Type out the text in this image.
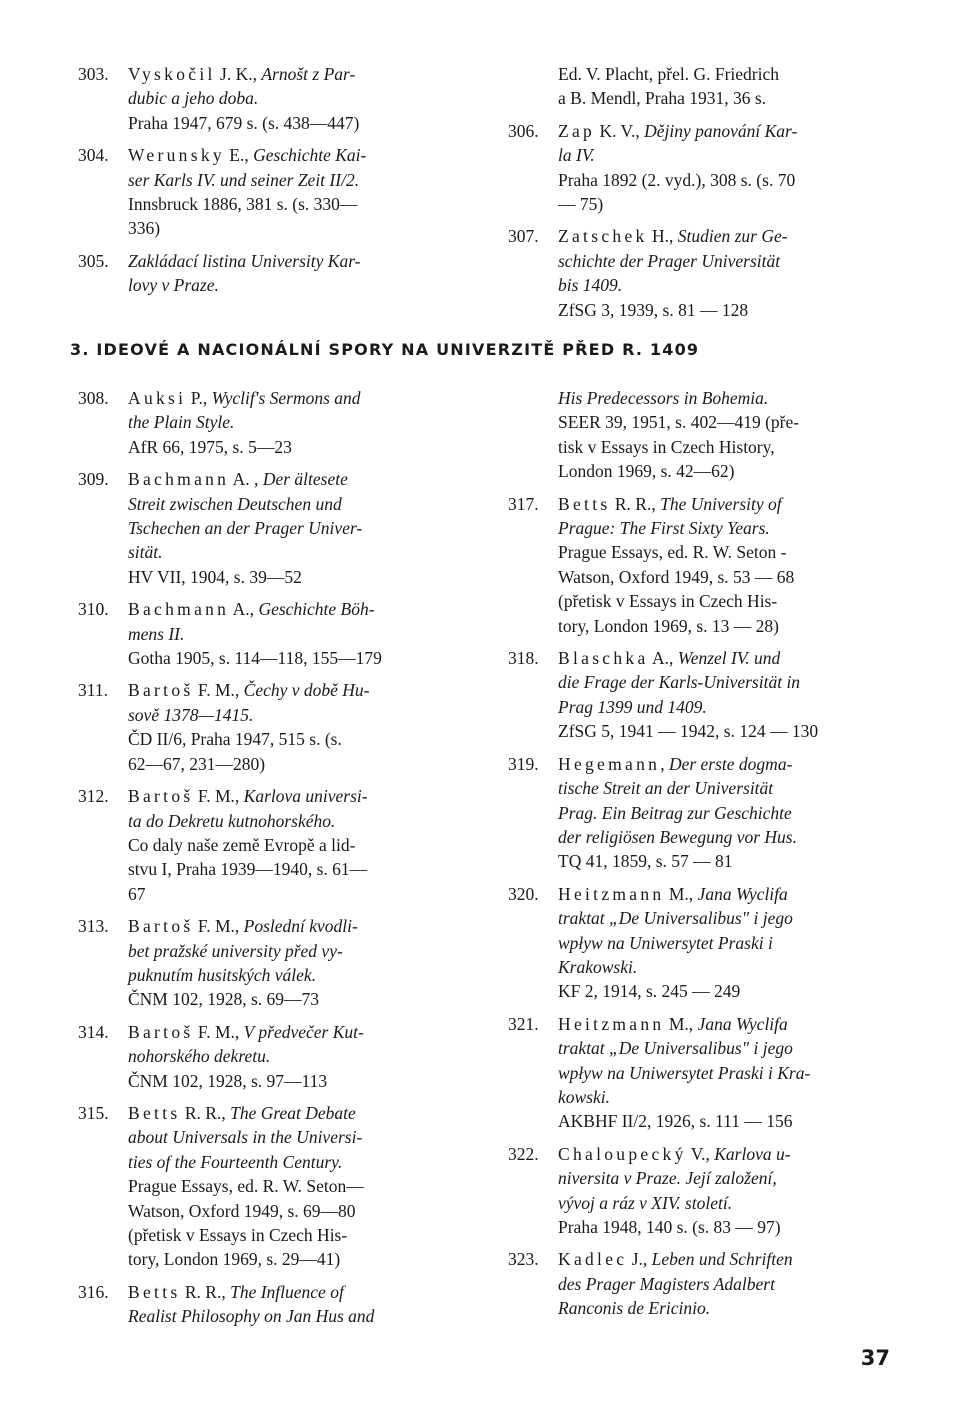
303.	Vyskočil J. K., Arnošt z Par-
dubic a jeho doba.
Praha 1947, 679 s. (s. 438—447)
304.	Werunsky E., Geschichte Kai-
ser Karls IV. und seiner Zeit II/2.
Innsbruck 1886, 381 s. (s. 330—
336)
305.	Zakládací listina University Kar-
lovy v Praze.
Ed. V. Placht, přel. G. Friedrich
a B. Mendl, Praha 1931, 36 s.
306.	Zap K. V., Dějiny panování Kar-
la IV.
Praha 1892 (2. vyd.), 308 s. (s. 70
— 75)
307.	Zatschek H., Studien zur Ge-
schichte der Prager Universität
bis 1409.
ZfSG 3, 1939, s. 81 — 128
3. IDEOVÉ A NACIONÁLNÍ SPORY NA UNIVERZITĚ PŘED R. 1409
308.	Auksi P., Wyclif's Sermons and
the Plain Style.
AfR 66, 1975, s. 5—23
309.	Bachmann A. , Der ältesete
Streit zwischen Deutschen und
Tschechen an der Prager Univer-
sität.
HV VII, 1904, s. 39—52
310.	Bachmann A., Geschichte Böh-
mens II.
Gotha 1905, s. 114—118, 155—179
311.	Bartoš F. M., Čechy v době Hu-
sově 1378—1415.
ČD II/6, Praha 1947, 515 s. (s.
62—67, 231—280)
312.	Bartoš F. M., Karlova universi-
ta do Dekretu kutnohorského.
Co daly naše země Evropě a lid-
stvu I, Praha 1939—1940, s. 61—
67
313.	Bartoš F. M., Poslední kvodli-
bet pražské university před vy-
puknutím husitských válek.
ČNM 102, 1928, s. 69—73
314.	Bartoš F. M., V předvečer Kut-
nohorského dekretu.
ČNM 102, 1928, s. 97—113
315.	Betts R. R., The Great Debate
about Universals in the Universi-
ties of the Fourteenth Century.
Prague Essays, ed. R. W. Seton—
Watson, Oxford 1949, s. 69—80
(přetisk v Essays in Czech His-
tory, London 1969, s. 29—41)
316.	Betts R. R., The Influence of
Realist Philosophy on Jan Hus and
His Predecessors in Bohemia.
SEER 39, 1951, s. 402—419 (pře-
tisk v Essays in Czech History,
London 1969, s. 42—62)
317.	Betts R. R., The University of
Prague: The First Sixty Years.
Prague Essays, ed. R. W. Seton -
Watson, Oxford 1949, s. 53 — 68
(přetisk v Essays in Czech His-
tory, London 1969, s. 13 — 28)
318.	Blaschka A., Wenzel IV. und
die Frage der Karls-Universität in
Prag 1399 und 1409.
ZfSG 5, 1941 — 1942, s. 124 — 130
319.	Hegemann, Der erste dogma-
tische Streit an der Universität
Prag. Ein Beitrag zur Geschichte
der religiösen Bewegung vor Hus.
TQ 41, 1859, s. 57 — 81
320.	Heitzmann M., Jana Wyclifa
traktat „De Universalibus" i jego
wpływ na Uniwersytet Praski i
Krakowski.
KF 2, 1914, s. 245 — 249
321.	Heitzmann M., Jana Wyclifa
traktat „De Universalibus" i jego
wpływ na Uniwersytet Praski i Kra-
kowski.
AKBHF II/2, 1926, s. 111 — 156
322.	Chaloupecký V., Karlova u-
niversita v Praze. Její založení,
vývoj a ráz v XIV. století.
Praha 1948, 140 s. (s. 83 — 97)
323.	Kadlec J., Leben und Schriften
des Prager Magisters Adalbert
Ranconis de Ericinio.
37
